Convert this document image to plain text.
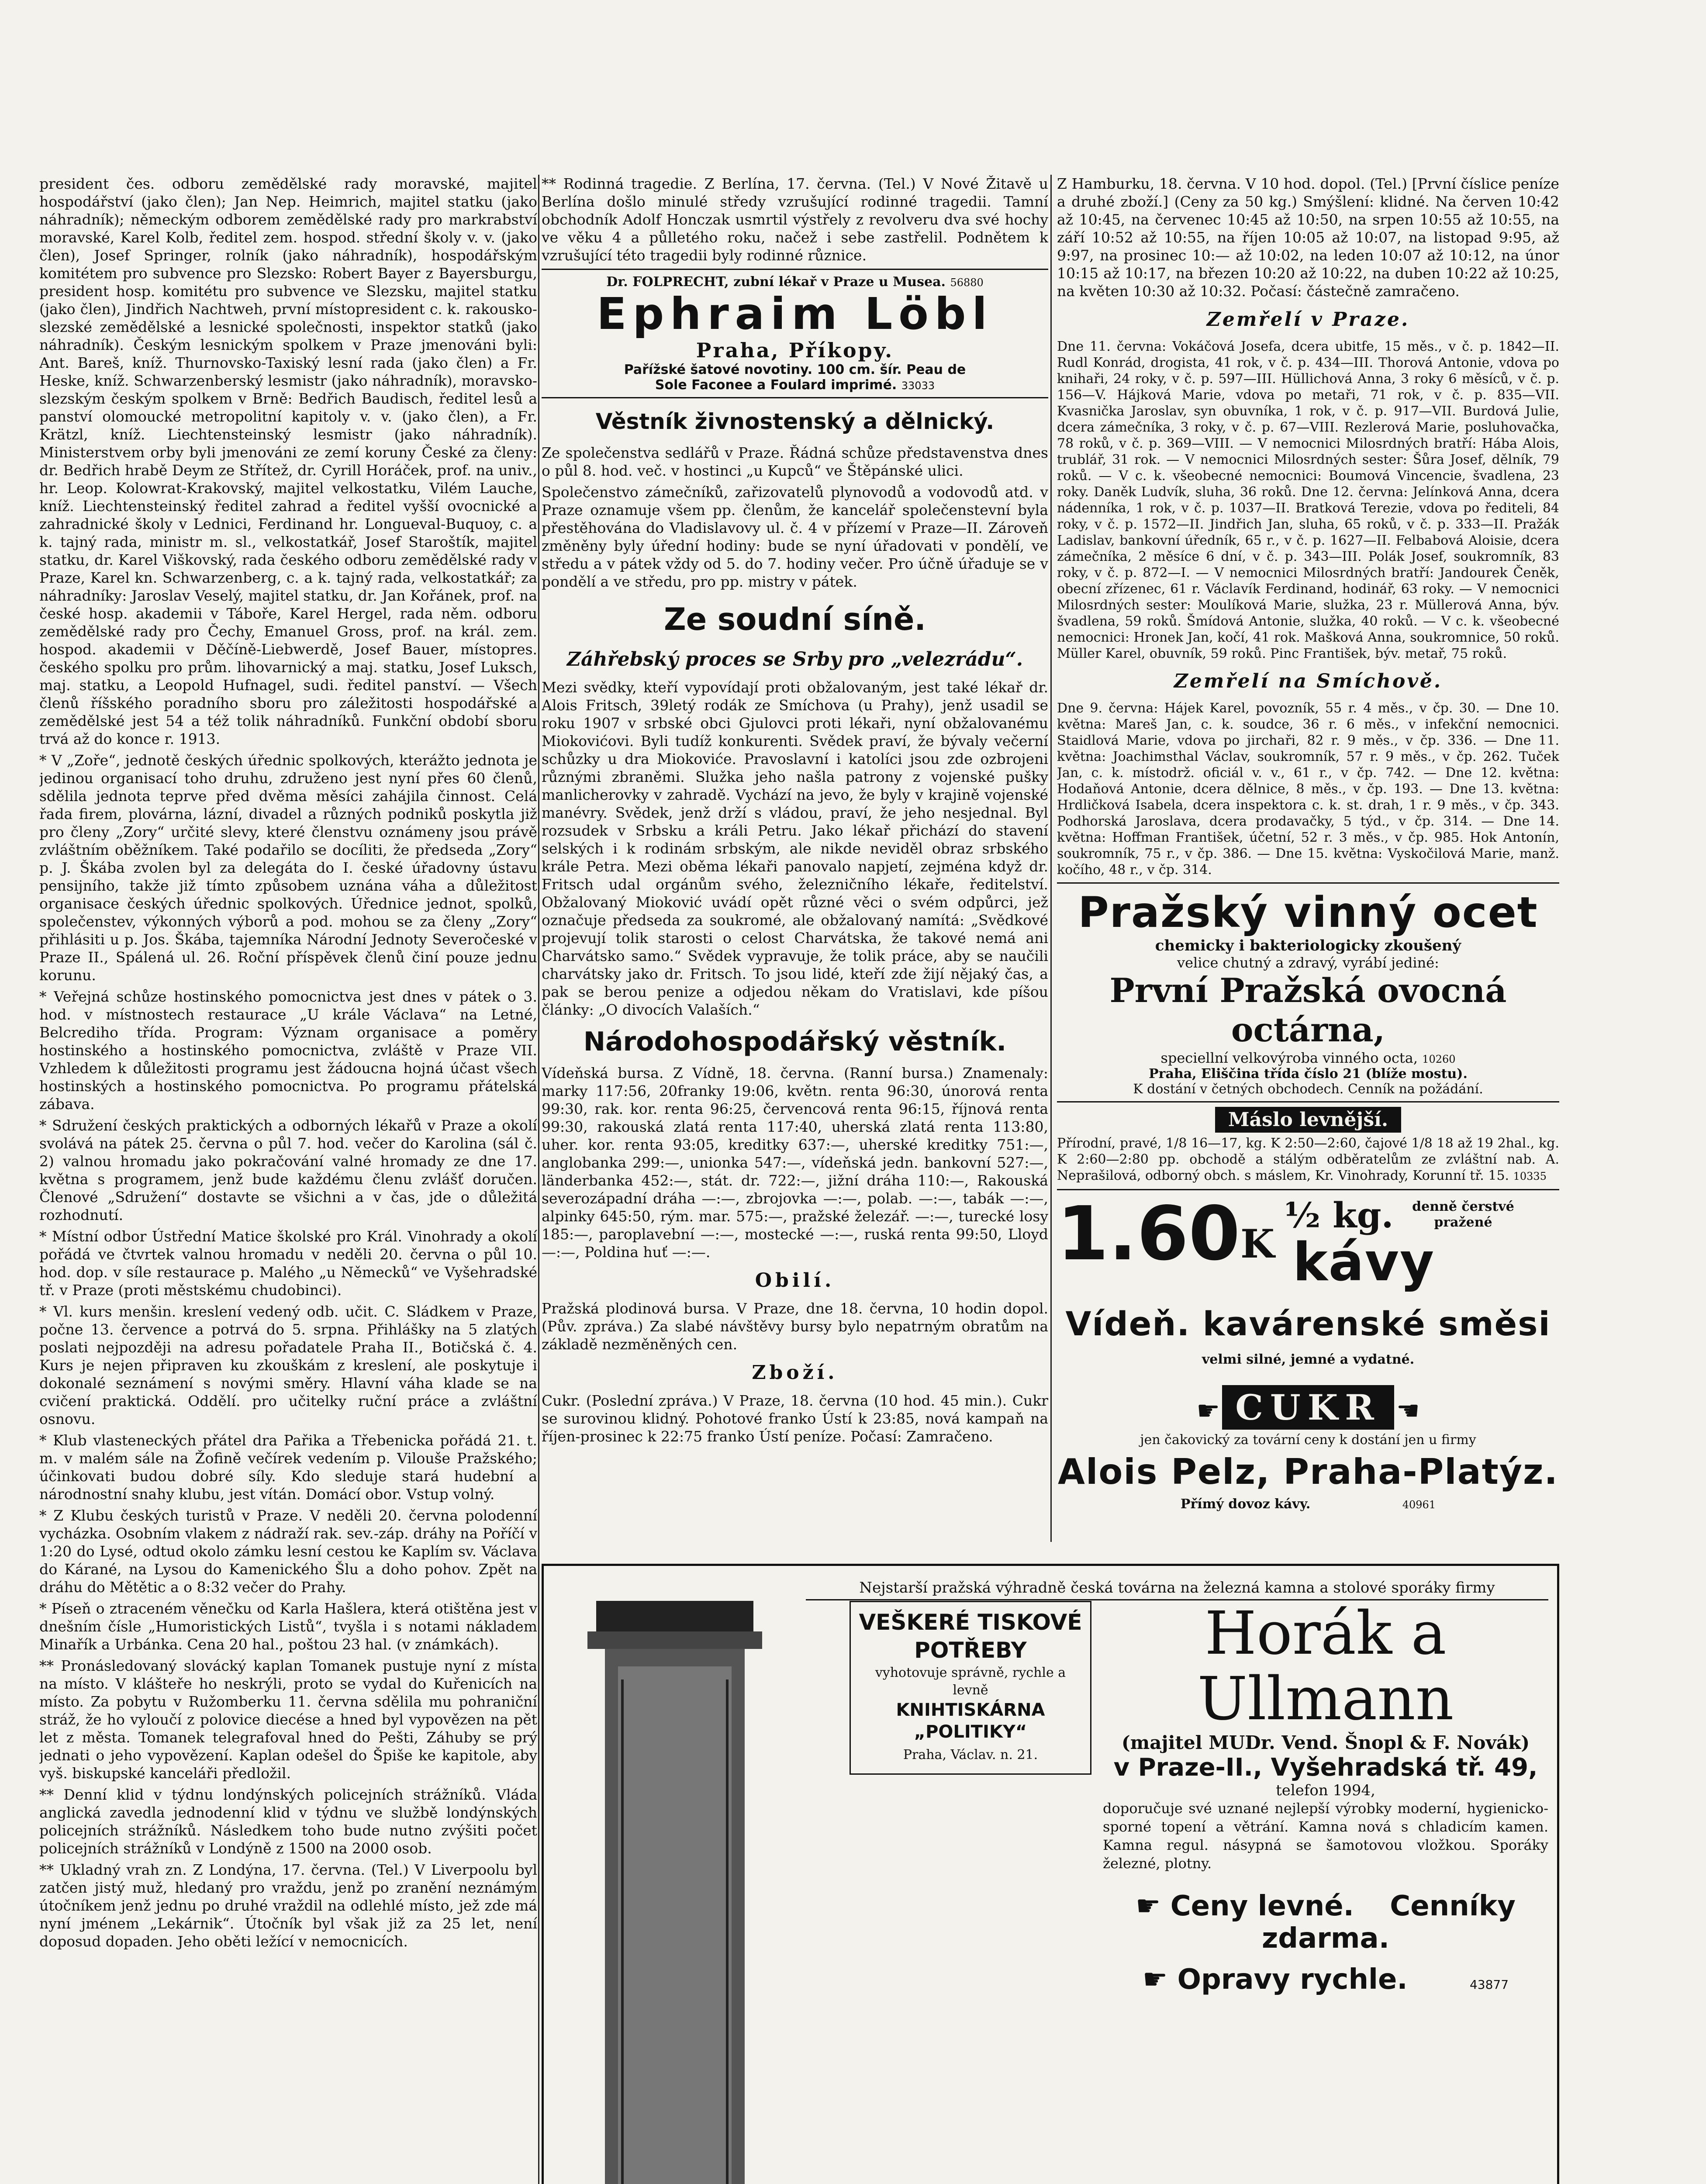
president čes. odboru zemědělské rady moravské, majitel hospodářství (jako člen); Jan Nep. Heimrich, majitel statku (jako náhradník); německým odborem zemědělské rady pro markrabství moravské, Karel Kolb, ředitel zem. hospod. střední školy v. v. (jako člen), Josef Springer, rolník (jako náhradník), hospodářským komitétem pro subvence pro Slezsko: Robert Bayer z Bayersburgu, president hosp. komitétu pro subvence ve Slezsku, majitel statku (jako člen), Jindřich Nachtweh, první místopresident c. k. rakousko-slezské zemědělské a lesnické společnosti, inspektor statků (jako náhradník). Českým lesnickým spolkem v Praze jmenováni byli: Ant. Bareš, kníž. Thurnovsko-Taxiský lesní rada (jako člen) a Fr. Heske, kníž. Schwarzenberský lesmistr (jako náhradník), moravsko-slezským českým spolkem v Brně: Bedřich Baudisch, ředitel lesů a panství olomoucké metropolitní kapitoly v. v. (jako člen), a Fr. Krätzl, kníž. Liechtensteinský lesmistr (jako náhradník). Ministerstvem orby byli jmenováni ze zemí koruny České za členy: dr. Bedřich hrabě Deym ze Střítež, dr. Cyrill Horáček, prof. na univ., hr. Leop. Kolowrat-Krakovský, majitel velkostatku, Vilém Lauche, kníž. Liechtensteinský ředitel zahrad a ředitel vyšší ovocnické a zahradnické školy v Lednici, Ferdinand hr. Longueval-Buquoy, c. a k. tajný rada, ministr m. sl., velkostatkář, Josef Staroštík, majitel statku, dr. Karel Viškovský, rada českého odboru zemědělské rady v Praze, Karel kn. Schwarzenberg, c. a k. tajný rada, velkostatkář; za náhradníky: Jaroslav Veselý, majitel statku, dr. Jan Kořánek, prof. na české hosp. akademii v Táboře, Karel Hergel, rada něm. odboru zemědělské rady pro Čechy, Emanuel Gross, prof. na král. zem. hospod. akademii v Děčíně-Liebwerdě, Josef Bauer, místopres. českého spolku pro prům. lihovarnický a maj. statku, Josef Luksch, maj. statku, a Leopold Hufnagel, sudi. ředitel panství. — Všech členů říšského poradního sboru pro záležitosti hospodářské a zemědělské jest 54 a též tolik náhradníků. Funkční období sboru trvá až do konce r. 1913.

* V „Zoře“, jednotě českých úřednic spolkových, kterážto jednota je jedinou organisací toho druhu, združeno jest nyní přes 60 členů, sdělila jednota teprve před dvěma měsíci zahájila činnost. Celá řada firem, plovárna, lázní, divadel a různých podniků poskytla již pro členy „Zory“ určité slevy, které členstvu oznámeny jsou právě zvláštním oběžníkem. Také podařilo se docíliti, že předseda „Zory“ p. J. Škába zvolen byl za delegáta do I. české úřadovny ústavu pensijního, takže již tímto způsobem uznána váha a důležitost organisace českých úřednic spolkových. Úřednice jednot, spolků, společenstev, výkonných výborů a pod. mohou se za členy „Zory“ přihlásiti u p. Jos. Škába, tajemníka Národní Jednoty Severočeské v Praze II., Spálená ul. 26. Roční příspěvek členů činí pouze jednu korunu.

* Veřejná schůze hostinského pomocnictva jest dnes v pátek o 3. hod. v místnostech restaurace „U krále Václava“ na Letné, Belcrediho třída. Program: Význam organisace a poměry hostinského a hostinského pomocnictva, zvláště v Praze VII. Vzhledem k důležitosti programu jest žádoucna hojná účast všech hostinských a hostinského pomocnictva. Po programu přátelská zábava.

* Sdružení českých praktických a odborných lékařů v Praze a okolí svolává na pátek 25. června o půl 7. hod. večer do Karolina (sál č. 2) valnou hromadu jako pokračování valné hromady ze dne 17. května s programem, jenž bude každému členu zvlášť doručen. Členové „Sdružení“ dostavte se všichni a v čas, jde o důležitá rozhodnutí.

* Místní odbor Ústřední Matice školské pro Král. Vinohrady a okolí pořádá ve čtvrtek valnou hromadu v neděli 20. června o půl 10. hod. dop. v síle restaurace p. Malého „u Německů“ ve Vyšehradské tř. v Praze (proti městskému chudobinci).

* Vl. kurs menšin. kreslení vedený odb. učit. C. Sládkem v Praze, počne 13. července a potrvá do 5. srpna. Přihlášky na 5 zlatých poslati nejpozději na adresu pořadatele Praha II., Botičská č. 4. Kurs je nejen připraven ku zkouškám z kreslení, ale poskytuje i dokonalé seznámení s novými směry. Hlavní váha klade se na cvičení praktická. Oddělí. pro učitelky ruční práce a zvláštní osnovu.

* Klub vlasteneckých přátel dra Pařika a Třebenicka pořádá 21. t. m. v malém sále na Žofině večírek vedením p. Vilouše Pražského; účinkovati budou dobré síly. Kdo sleduje stará hudební a národnostní snahy klubu, jest vítán. Domácí obor. Vstup volný.

* Z Klubu českých turistů v Praze. V neděli 20. června polodenní vycházka. Osobním vlakem z nádraží rak. sev.-záp. dráhy na Poříčí v 1:20 do Lysé, odtud okolo zámku lesní cestou ke Kaplím sv. Václava do Kárané, na Lysou do Kamenického Šlu a doho pohov. Zpět na dráhu do Mětětic a o 8:32 večer do Prahy.

* Píseň o ztraceném věnečku od Karla Hašlera, která otištěna jest v dnešním čísle „Humoristických Listů“, tvyšla i s notami nákladem Minařík a Urbánka. Cena 20 hal., poštou 23 hal. (v známkách).

** Pronásledovaný slovácký kaplan Tomanek pustuje nyní z místa na místo. V klášteře ho neskrýli, proto se vydal do Kuřenicích na místo. Za pobytu v Ružomberku 11. června sdělila mu pohraniční stráž, že ho vyloučí z polovice diecése a hned byl vypovězen na pět let z města. Tomanek telegrafoval hned do Pešti, Záhuby se prý jednati o jeho vypovězení. Kaplan odešel do Špiše ke kapitole, aby vyš. biskupské kanceláři předložil.

** Denní klid v týdnu londýnských policejních strážníků. Vláda anglická zavedla jednodenní klid v týdnu ve službě londýnských policejních strážníků. Následkem toho bude nutno zvýšiti počet policejních strážníků v Londýně z 1500 na 2000 osob.

** Ukladný vrah zn. Z Londýna, 17. června. (Tel.) V Liverpoolu byl zatčen jistý muž, hledaný pro vraždu, jenž po zranění neznámým útočníkem jenž jednu po druhé vraždil na odlehlé místo, jež zde má nyní jménem „Lekárnik“. Útočník byl však již za 25 let, není doposud dopaden. Jeho oběti ležící v nemocnicích.

** Rodinná tragedie. Z Berlína, 17. června. (Tel.) V Nové Žitavě u Berlína došlo minulé středy vzrušující rodinné tragedii. Tamní obchodník Adolf Honczak usmrtil výstřely z revolveru dva své hochy ve věku 4 a půlletého roku, načež i sebe zastřelil. Podnětem k vzrušující této tragedii byly rodinné různice.

Dr. FOLPRECHT, zubní lékař v Praze u Musea. 56880
Ephraim Löbl
Praha, Příkopy.
Pařížské šatové novotiny. 100 cm. šír. Peau de
Sole Faconee a Foulard imprimé. 33033
Věstník živnostenský a dělnický.

Ze společenstva sedlářů v Praze. Řádná schůze představenstva dnes o půl 8. hod. več. v hostinci „u Kupců“ ve Štěpánské ulici.

Společenstvo zámečníků, zařizovatelů plynovodů a vodovodů atd. v Praze oznamuje všem pp. členům, že kancelář společenstevní byla přestěhována do Vladislavovy ul. č. 4 v přízemí v Praze—II. Zároveň změněny byly úřední hodiny: bude se nyní úřadovati v pondělí, ve středu a v pátek vždy od 5. do 7. hodiny večer. Pro účně úřaduje se v pondělí a ve středu, pro pp. mistry v pátek.

Ze soudní síně.
Záhřebský proces se Srby pro „velezrádu“.

Mezi svědky, kteří vypovídají proti obžalovaným, jest také lékař dr. Alois Fritsch, 39letý rodák ze Smíchova (u Prahy), jenž usadil se roku 1907 v srbské obci Gjulovci proti lékaři, nyní obžalovanému Miokovićovi. Byli tudíž konkurenti. Svědek praví, že bývaly večerní schůzky u dra Miokoviće. Pravoslavní i katolíci jsou zde ozbrojeni různými zbraněmi. Služka jeho našla patrony z vojenské pušky manlicherovky v zahradě. Vychází na jevo, že byly v krajině vojenské manévry. Svědek, jenž drží s vládou, praví, že jeho nesjednal. Byl rozsudek v Srbsku a králi Petru. Jako lékař přichází do stavení selských i k rodinám srbským, ale nikde neviděl obraz srbského krále Petra. Mezi oběma lékaři panovalo napjetí, zejména když dr. Fritsch udal orgánům svého, železničního lékaře, ředitelství. Obžalovaný Mioković uvádí opět různé věci o svém odpůrci, jež označuje předseda za soukromé, ale obžalovaný namítá: „Svědkové projevují tolik starosti o celost Charvátska, že takové nemá ani Charvátsko samo.“ Svědek vypravuje, že tolik práce, aby se naučili charvátsky jako dr. Fritsch. To jsou lidé, kteří zde žijí nějaký čas, a pak se berou penize a odjedou někam do Vratislavi, kde píšou články: „O divocích Valaších.“

Národohospodářský věstník.

Vídeňská bursa. Z Vídně, 18. června. (Ranní bursa.) Znamenaly: marky 117:56, 20franky 19:06, květn. renta 96:30, únorová renta 99:30, rak. kor. renta 96:25, červencová renta 96:15, říjnová renta 99:30, rakouská zlatá renta 117:40, uherská zlatá renta 113:80, uher. kor. renta 93:05, kreditky 637:—, uherské kreditky 751:—, anglobanka 299:—, unionka 547:—, vídeňská jedn. bankovní 527:—, länderbanka 452:—, stát. dr. 722:—, jižní dráha 110:—, Rakouská severozápadní dráha —:—, zbrojovka —:—, polab. —:—, tabák —:—, alpinky 645:50, rým. mar. 575:—, pražské železář. —:—, turecké losy 185:—, paroplavební —:—, mostecké —:—, ruská renta 99:50, Lloyd —:—, Poldina huť —:—.

Obilí.

Pražská plodinová bursa. V Praze, dne 18. června, 10 hodin dopol. (Pův. zpráva.) Za slabé návštěvy bursy bylo nepatrným obratům na základě nezměněných cen.

Zboží.

Cukr. (Poslední zpráva.) V Praze, 18. června (10 hod. 45 min.). Cukr se surovinou klidný. Pohotové franko Ústí k 23:85, nová kampaň na říjen-prosinec k 22:75 franko Ústí peníze. Počasí: Zamračeno.

Z Hamburku, 18. června. V 10 hod. dopol. (Tel.) [První číslice peníze a druhé zboží.] (Ceny za 50 kg.) Smýšlení: klidné. Na červen 10:42 až 10:45, na červenec 10:45 až 10:50, na srpen 10:55 až 10:55, na září 10:52 až 10:55, na říjen 10:05 až 10:07, na listopad 9:95, až 9:97, na prosinec 10:— až 10:02, na leden 10:07 až 10:12, na únor 10:15 až 10:17, na březen 10:20 až 10:22, na duben 10:22 až 10:25, na květen 10:30 až 10:32. Počasí: částečně zamračeno.

Zemřelí v Praze.

Dne 11. června: Vokáčová Josefa, dcera ubitfe, 15 měs., v č. p. 1842—II. Rudl Konrád, drogista, 41 rok, v č. p. 434—III. Thorová Antonie, vdova po knihaři, 24 roky, v č. p. 597—III. Hüllichová Anna, 3 roky 6 měsíců, v č. p. 156—V. Hájková Marie, vdova po metaři, 71 rok, v č. p. 835—VII. Kvasnička Jaroslav, syn obuvníka, 1 rok, v č. p. 917—VII. Burdová Julie, dcera zámečníka, 3 roky, v č. p. 67—VIII. Rezlerová Marie, posluhovačka, 78 roků, v č. p. 369—VIII. — V nemocnici Milosrdných bratří: Hába Alois, trublář, 31 rok. — V nemocnici Milosrdných sester: Šůra Josef, dělník, 79 roků. — V c. k. všeobecné nemocnici: Boumová Vincencie, švadlena, 23 roky. Daněk Ludvík, sluha, 36 roků. Dne 12. června: Jelínková Anna, dcera nádenníka, 1 rok, v č. p. 1037—II. Bratková Terezie, vdova po řediteli, 84 roky, v č. p. 1572—II. Jindřich Jan, sluha, 65 roků, v č. p. 333—II. Pražák Ladislav, bankovní úředník, 65 r., v č. p. 1627—II. Felbabová Aloisie, dcera zámečníka, 2 měsíce 6 dní, v č. p. 343—III. Polák Josef, soukromník, 83 roky, v č. p. 872—I. — V nemocnici Milosrdných bratří: Jandourek Čeněk, obecní zřízenec, 61 r. Václavík Ferdinand, hodinář, 63 roky. — V nemocnici Milosrdných sester: Moulíková Marie, služka, 23 r. Müllerová Anna, býv. švadlena, 59 roků. Šmídová Antonie, služka, 40 roků. — V c. k. všeobecné nemocnici: Hronek Jan, kočí, 41 rok. Mašková Anna, soukromnice, 50 roků. Müller Karel, obuvník, 59 roků. Pinc František, býv. metař, 75 roků.

Zemřelí na Smíchově.

Dne 9. června: Hájek Karel, povozník, 55 r. 4 měs., v čp. 30. — Dne 10. května: Mareš Jan, c. k. soudce, 36 r. 6 měs., v infekční nemocnici. Staidlová Marie, vdova po jirchaři, 82 r. 9 měs., v čp. 336. — Dne 11. května: Joachimsthal Václav, soukromník, 57 r. 9 měs., v čp. 262. Tuček Jan, c. k. místodrž. oficiál v. v., 61 r., v čp. 742. — Dne 12. května: Hodaňová Antonie, dcera dělnice, 8 měs., v čp. 193. — Dne 13. května: Hrdličková Isabela, dcera inspektora c. k. st. drah, 1 r. 9 měs., v čp. 343. Podhorská Jaroslava, dcera prodavačky, 5 týd., v čp. 314. — Dne 14. května: Hoffman František, účetní, 52 r. 3 měs., v čp. 985. Hok Antonín, soukromník, 75 r., v čp. 386. — Dne 15. května: Vyskočilová Marie, manž. kočího, 48 r., v čp. 314.

Pražský vinný ocet
chemicky i bakteriologicky zkoušený
velice chutný a zdravý, vyrábí jediné:
První Pražská ovocná octárna,
speciellní velkovýroba vinného octa, 10260
Praha, Eliščina třída číslo 21 (blíže mostu).
K dostání v četných obchodech. Cenník na požádání.
Máslo levnější.

Přírodní, pravé, 1/8 16—17, kg. K 2:50—2:60, čajové 1/8 18 až 19 2hal., kg. K 2:60—2:80 pp. obchodě a stálým odběratelům ze zvláštní nab. A. Neprašilová, odborný obch. s máslem, Kr. Vinohrady, Korunní tř. 15. 10335

1.60 K
½ kg.	denně čerstvé pražené
kávy
Vídeň. kavárenské směsi
velmi silné, jemné a vydatné.
☛ CUKR ☛
jen čakovický za tovární ceny k dostání jen u firmy
Alois Pelz, Praha-Platýz.
Přímý dovoz kávy.	40961
Nejstarší pražská výhradně česká továrna na železná kamna a stolové sporáky firmy
VEŠKERÉ TISKOVÉ POTŘEBY
vyhotovuje správně, rychle a levně
KNIHTISKÁRNA „POLITIKY“
Praha, Václav. n. 21.
Horák a Ullmann
(majitel MUDr. Vend. Šnopl & F. Novák)
v Praze-II., Vyšehradská tř. 49,
telefon 1994,
doporučuje své uznané nejlepší výrobky moderní, hygienicko-sporné topení a větrání. Kamna nová s chladicím kamen. Kamna regul. násypná se šamotovou vložkou. Sporáky železné, plotny.
☛ Ceny levné. Cenníky zdarma.
☛ Opravy rychle.	43877
